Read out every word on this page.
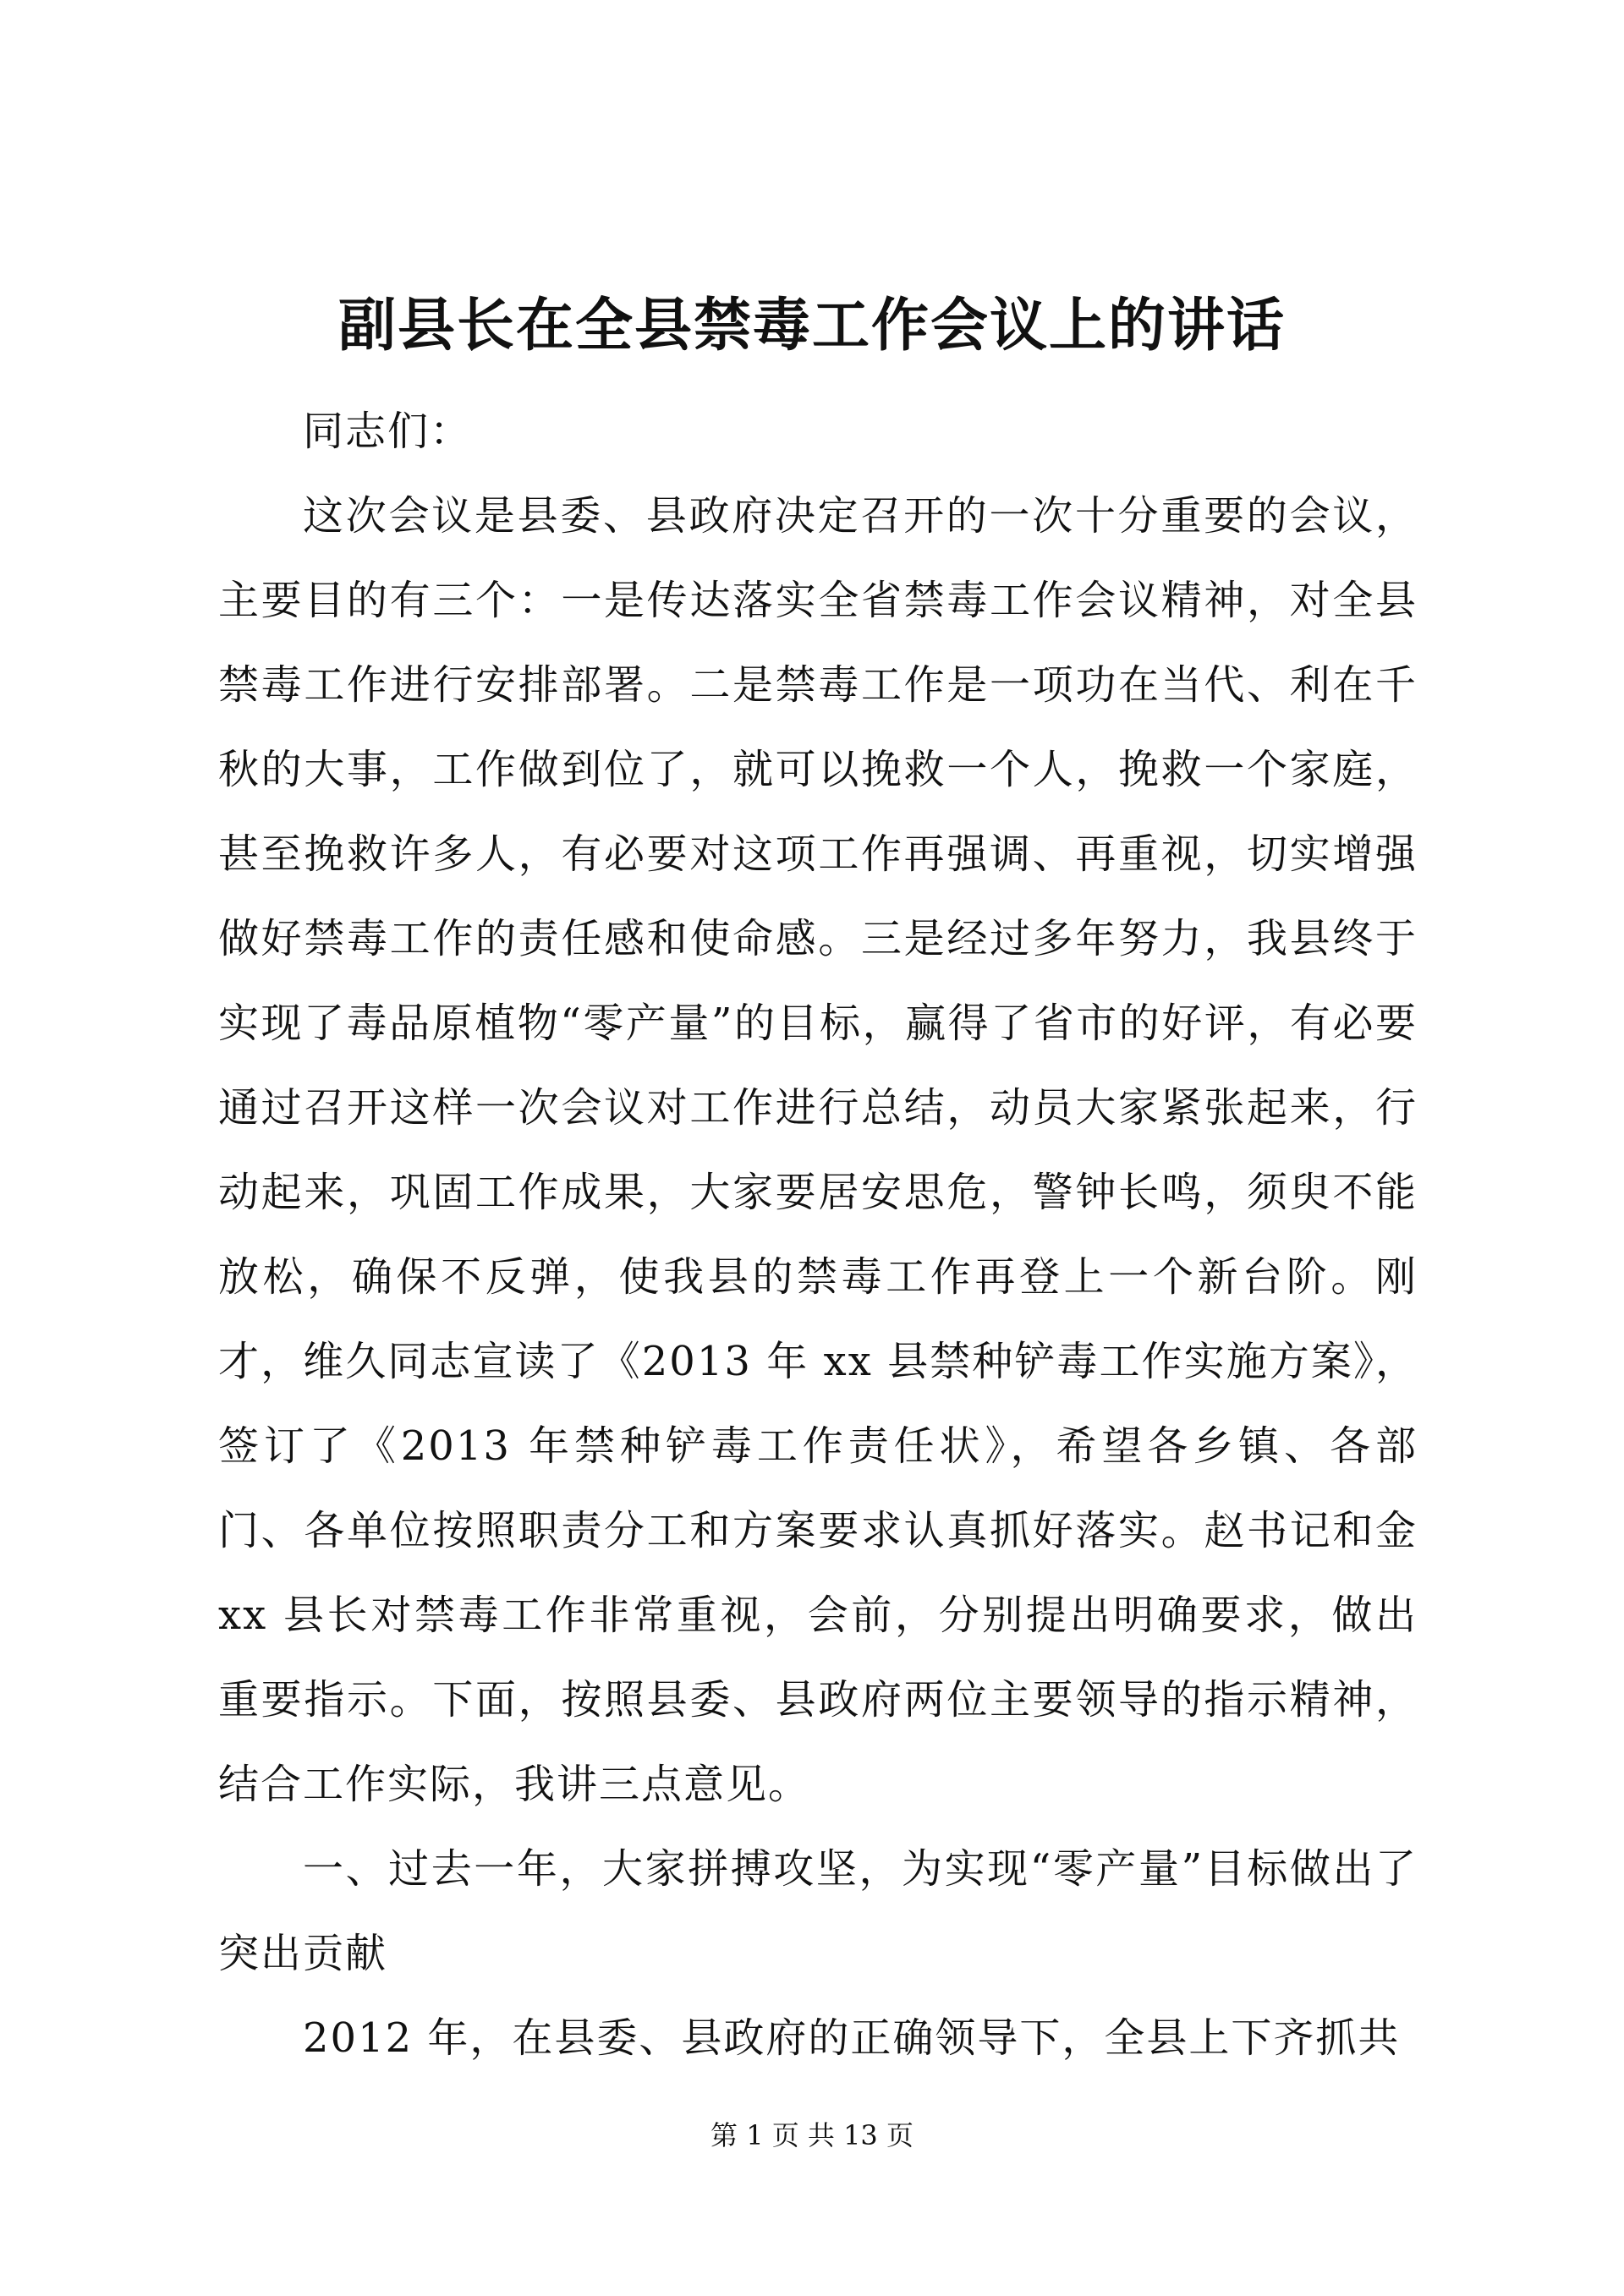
副县长在全县禁毒工作会议上的讲话

同志们：

这次会议是县委、县政府决定召开的一次十分重要的会议，主要目的有三个：一是传达落实全省禁毒工作会议精神，对全县禁毒工作进行安排部署。二是禁毒工作是一项功在当代、利在千秋的大事，工作做到位了，就可以挽救一个人，挽救一个家庭，甚至挽救许多人，有必要对这项工作再强调、再重视，切实增强做好禁毒工作的责任感和使命感。三是经过多年努力，我县终于实现了毒品原植物“零产量”的目标，赢得了省市的好评，有必要通过召开这样一次会议对工作进行总结，动员大家紧张起来，行动起来，巩固工作成果，大家要居安思危，警钟长鸣，须臾不能放松，确保不反弹，使我县的禁毒工作再登上一个新台阶。刚才，维久同志宣读了《2013 年 xx 县禁种铲毒工作实施方案》，签订了《2013 年禁种铲毒工作责任状》，希望各乡镇、各部门、各单位按照职责分工和方案要求认真抓好落实。赵书记和金 xx 县长对禁毒工作非常重视，会前，分别提出明确要求，做出重要指示。下面，按照县委、县政府两位主要领导的指示精神，结合工作实际，我讲三点意见。

一、过去一年，大家拼搏攻坚，为实现“零产量”目标做出了突出贡献

2012 年，在县委、县政府的正确领导下，全县上下齐抓共

第 1 页 共 13 页
